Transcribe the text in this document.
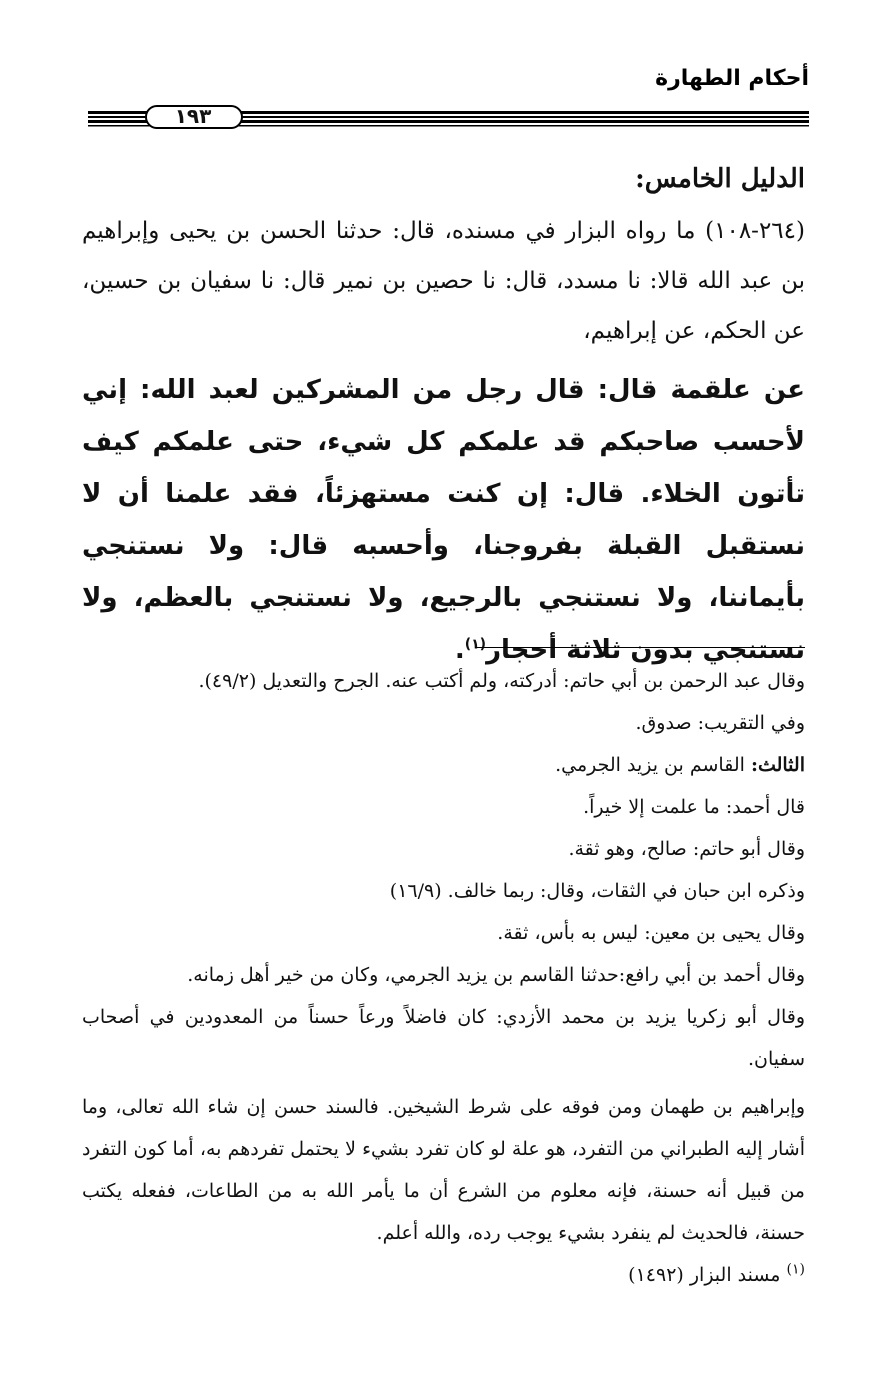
أحكام الطهارة
١٩٣
الدليل الخامس:

(٢٦٤-١٠٨) ما رواه البزار في مسنده، قال: حدثنا الحسن بن يحيى وإبراهيم بن عبد الله قالا: نا مسدد، قال: نا حصين بن نمير قال: نا سفيان بن حسين، عن الحكم، عن إبراهيم،

عن علقمة قال: قال رجل من المشركين لعبد الله: إني لأحسب صاحبكم قد علمكم كل شيء، حتى علمكم كيف تأتون الخلاء. قال: إن كنت مستهزئاً، فقد علمنا أن لا نستقبل القبلة بفروجنا، وأحسبه قال: ولا نستنجي بأيماننا، ولا نستنجي بالرجيع، ولا نستنجي بالعظم، ولا نستنجي بدون ثلاثة أحجار$^{(١)}$.

وقال عبد الرحمن بن أبي حاتم: أدركته، ولم أكتب عنه. الجرح والتعديل (٤٩/٢).

وفي التقريب: صدوق.

الثالث: القاسم بن يزيد الجرمي.

قال أحمد: ما علمت إلا خيراً.

وقال أبو حاتم: صالح، وهو ثقة.

وذكره ابن حبان في الثقات، وقال: ربما خالف. (١٦/٩)

وقال يحيى بن معين: ليس به بأس، ثقة.

وقال أحمد بن أبي رافع:حدثنا القاسم بن يزيد الجرمي، وكان من خير أهل زمانه.

وقال أبو زكريا يزيد بن محمد الأزدي: كان فاضلاً ورعاً حسناً من المعدودين في أصحاب سفيان.

وإبراهيم بن طهمان ومن فوقه على شرط الشيخين. فالسند حسن إن شاء الله تعالى، وما أشار إليه الطبراني من التفرد، هو علة لو كان تفرد بشيء لا يحتمل تفردهم به، أما كون التفرد من قبيل أنه حسنة، فإنه معلوم من الشرع أن ما يأمر الله به من الطاعات، ففعله يكتب حسنة، فالحديث لم ينفرد بشيء يوجب رده، والله أعلم.

$^{(١)}$ مسند البزار (١٤٩٢)
